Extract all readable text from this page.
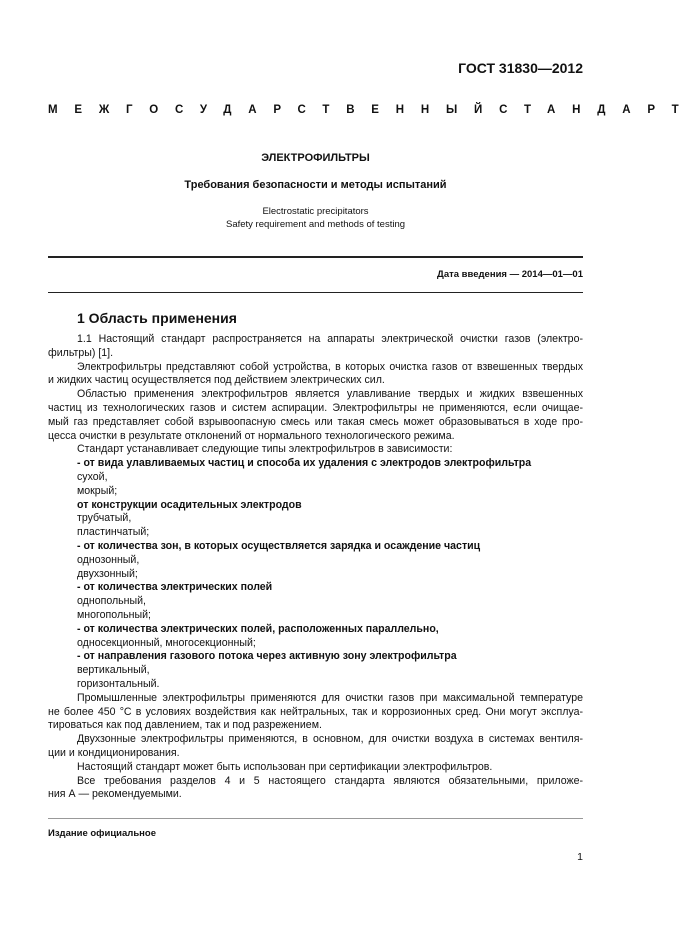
ГОСТ 31830—2012
МЕЖГОСУДАРСТВЕННЫЙ СТАНДАРТ
ЭЛЕКТРОФИЛЬТРЫ
Требования безопасности и методы испытаний
Electrostatic precipitators
Safety requirement and methods of testing
Дата введения — 2014—01—01
1 Область применения

1.1 Настоящий стандарт распространяется на аппараты электрической очистки газов (электро-

фильтры) [1].

Электрофильтры представляют собой устройства, в которых очистка газов от взвешенных твердых

и жидких частиц осуществляется под действием электрических сил.

Областью применения электрофильтров является улавливание твердых и жидких взвешенных

частиц из технологических газов и систем аспирации. Электрофильтры не применяются, если очищае-

мый газ представляет собой взрывоопасную смесь или такая смесь может образовываться в ходе про-

цесса очистки в результате отклонений от нормального технологического режима.

Стандарт устанавливает следующие типы электрофильтров в зависимости:

- от вида улавливаемых частиц и способа их удаления с электродов электрофильтра

сухой,

мокрый;

от конструкции осадительных электродов

трубчатый,

пластинчатый;

- от количества зон, в которых осуществляется зарядка и осаждение частиц

однозонный,

двухзонный;

- от количества электрических полей

однопольный,

многопольный;

- от количества электрических полей, расположенных параллельно,

односекционный, многосекционный;

- от направления газового потока через активную зону электрофильтра

вертикальный,

горизонтальный.

Промышленные электрофильтры применяются для очистки газов при максимальной температуре

не более 450 °С в условиях воздействия как нейтральных, так и коррозионных сред. Они могут эксплуа-

тироваться как под давлением, так и под разрежением.

Двухзонные электрофильтры применяются, в основном, для очистки воздуха в системах вентиля-

ции и кондиционирования.

Настоящий стандарт может быть использован при сертификации электрофильтров.

Все требования разделов 4 и 5 настоящего стандарта являются обязательными, приложе-

ния А — рекомендуемыми.

Издание официальное
1
